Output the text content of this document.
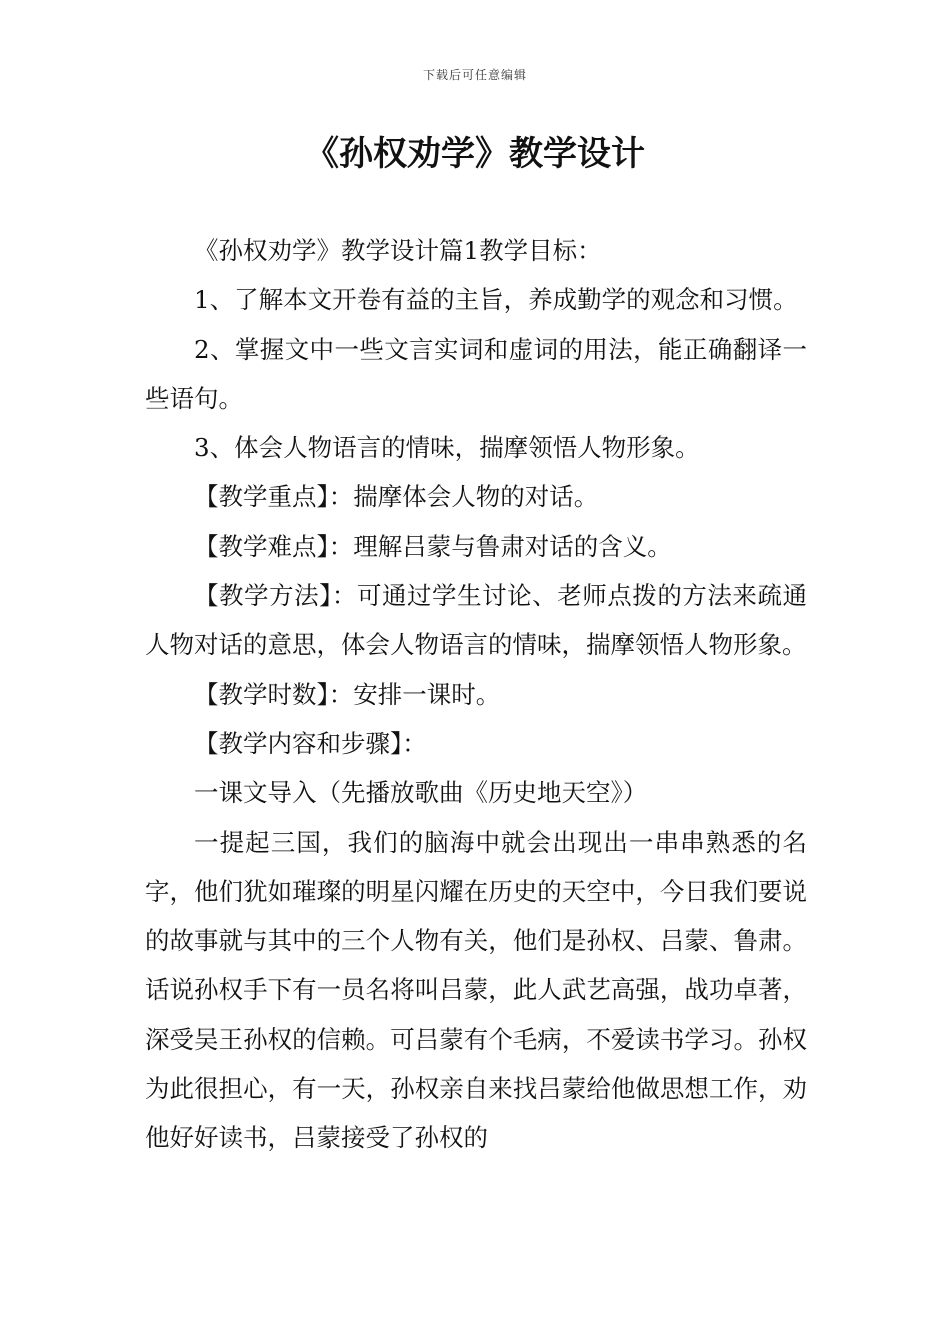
下载后可任意编辑
《孙权劝学》教学设计

《孙权劝学》教学设计篇1教学目标：

1、了解本文开卷有益的主旨，养成勤学的观念和习惯。

2、掌握文中一些文言实词和虚词的用法，能正确翻译一些语句。

3、体会人物语言的情味，揣摩领悟人物形象。

【教学重点】：揣摩体会人物的对话。

【教学难点】：理解吕蒙与鲁肃对话的含义。

【教学方法】：可通过学生讨论、老师点拨的方法来疏通人物对话的意思，体会人物语言的情味，揣摩领悟人物形象。

【教学时数】：安排一课时。

【教学内容和步骤】：

一课文导入（先播放歌曲《历史地天空》）

一提起三国，我们的脑海中就会出现出一串串熟悉的名字，他们犹如璀璨的明星闪耀在历史的天空中，今日我们要说的故事就与其中的三个人物有关，他们是孙权、吕蒙、鲁肃。话说孙权手下有一员名将叫吕蒙，此人武艺高强，战功卓著，深受吴王孙权的信赖。可吕蒙有个毛病，不爱读书学习。孙权为此很担心，有一天，孙权亲自来找吕蒙给他做思想工作，劝他好好读书，吕蒙接受了孙权的
